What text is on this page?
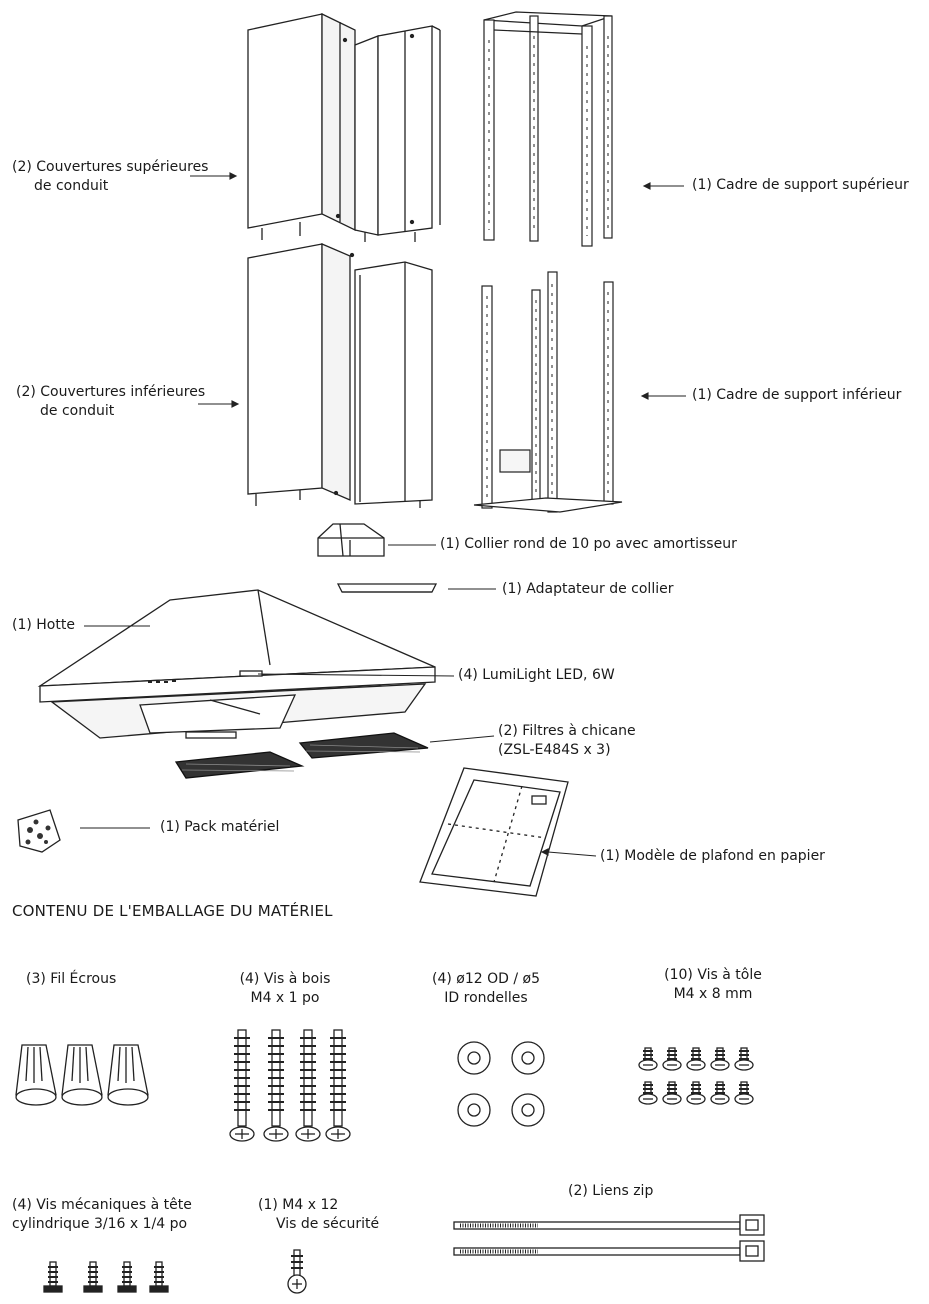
(2) Couvertures supérieures
de conduit	(1) Cadre de support supérieur
(2) Couvertures inférieures
de conduit
(1) Cadre de support inférieur
(1) Collier rond de 10 po avec amortisseur
(1) Adaptateur de collier
(1) Hotte
(4) LumiLight LED, 6W
(2) Filtres à chicane
(ZSL-E484S x 3)
(1) Pack matériel
(1) Modèle de plafond en papier
CONTENU DE L'EMBALLAGE DU MATÉRIEL
(3) Fil Écrous	(4) Vis à bois
M4 x 1 po
(4) ø12 OD / ø5
ID rondelles
(10) Vis à tôle
M4 x 8 mm
(4) Vis mécaniques à tête
cylindrique 3/16 x 1/4 po
(1) M4 x 12
Vis de sécurité
(2) Liens zip
